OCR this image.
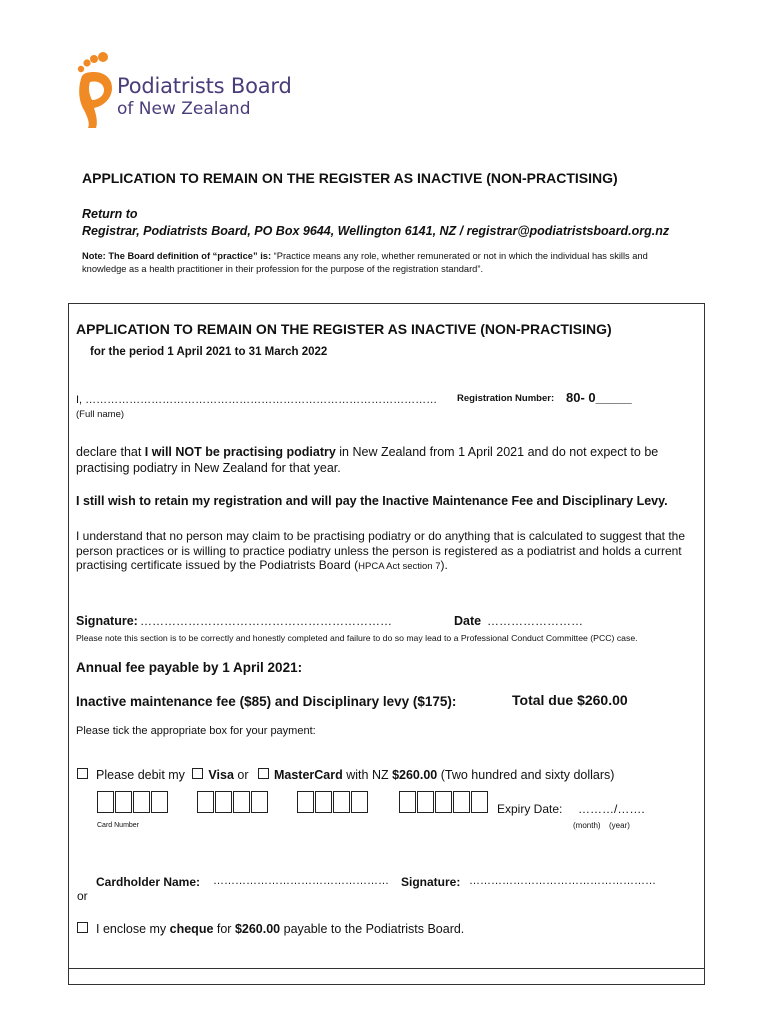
Podiatrists Board
of New Zealand
APPLICATION TO REMAIN ON THE REGISTER AS INACTIVE (NON-PRACTISING)
Return to
Registrar, Podiatrists Board, PO Box 9644, Wellington 6141, NZ / registrar@podiatristsboard.org.nz
Note: The Board definition of “practice” is: “Practice means any role, whether remunerated or not in which the individual has skills and knowledge as a health practitioner in their profession for the purpose of the registration standard”.
APPLICATION TO REMAIN ON THE REGISTER AS INACTIVE (NON-PRACTISING)
for the period 1 April 2021 to 31 March 2022
I, …………………………………………………………………………………… Registration Number: 80- 0_____
(Full name)
declare that I will NOT be practising podiatry in New Zealand from 1 April 2021 and do not expect to be practising podiatry in New Zealand for that year.
I still wish to retain my registration and will pay the Inactive Maintenance Fee and Disciplinary Levy.
I understand that no person may claim to be practising podiatry or do anything that is calculated to suggest that the person practices or is willing to practice podiatry unless the person is registered as a podiatrist and holds a current practising certificate issued by the Podiatrists Board (HPCA Act section 7).
Signature: ………………………………………………………	Date ……………………
Please note this section is to be correctly and honestly completed and failure to do so may lead to a Professional Conduct Committee (PCC) case.
Annual fee payable by 1 April 2021:
Inactive maintenance fee ($85) and Disciplinary levy ($175):	Total due $260.00
Please tick the appropriate box for your payment:
Please debit my Visa or MasterCard with NZ $260.00 (Two hundred and sixty dollars)
Expiry Date: ………/…….
Card Number	(month) (year)
Cardholder Name: ………………………………………… Signature: ……………………………………………
or
I enclose my cheque for $260.00 payable to the Podiatrists Board.
